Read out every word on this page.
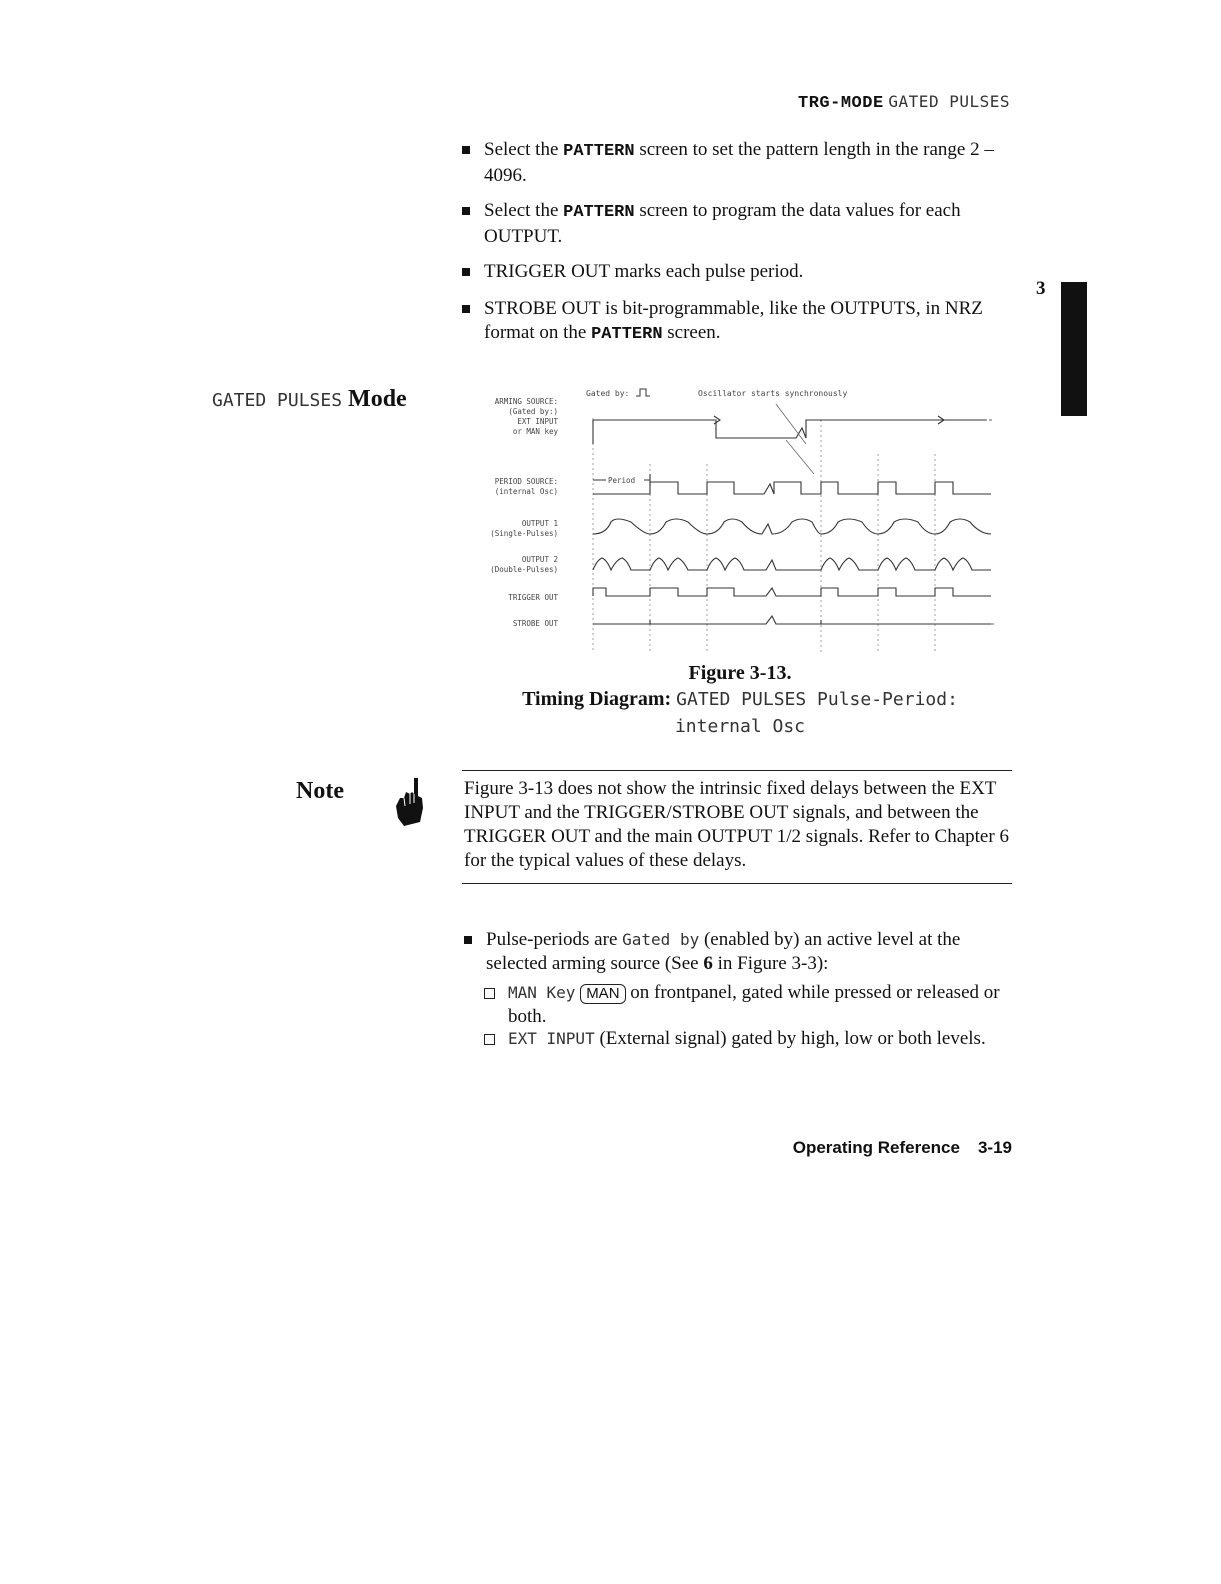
TRG-MODE GATED PULSES
Select the PATTERN screen to set the pattern length in the range 2 – 4096.
Select the PATTERN screen to program the data values for each OUTPUT.
TRIGGER OUT marks each pulse period.
STROBE OUT is bit-programmable, like the OUTPUTS, in NRZ format on the PATTERN screen.
3
GATED PULSES Mode	Gated by:	Oscillator starts synchronously
ARMING SOURCE:
(Gated by:)
EXT INPUT
or MAN key
PERIOD SOURCE:
(internal Osc)
OUTPUT 1
(Single-Pulses)
OUTPUT 2
(Double-Pulses)
TRIGGER OUT
STROBE OUT
Period
Figure 3-13.
Timing Diagram: GATED PULSES Pulse-Period:
internal Osc
Note	Figure 3-13 does not show the intrinsic fixed delays between the EXT INPUT and the TRIGGER/STROBE OUT signals, and between the TRIGGER OUT and the main OUTPUT 1/2 signals. Refer to Chapter 6 for the typical values of these delays.
Pulse-periods are Gated by (enabled by) an active level at the selected arming source (See 6 in Figure 3-3):
MAN Key MAN on frontpanel, gated while pressed or released or both.
EXT INPUT (External signal) gated by high, low or both levels.
Operating Reference 3-19
